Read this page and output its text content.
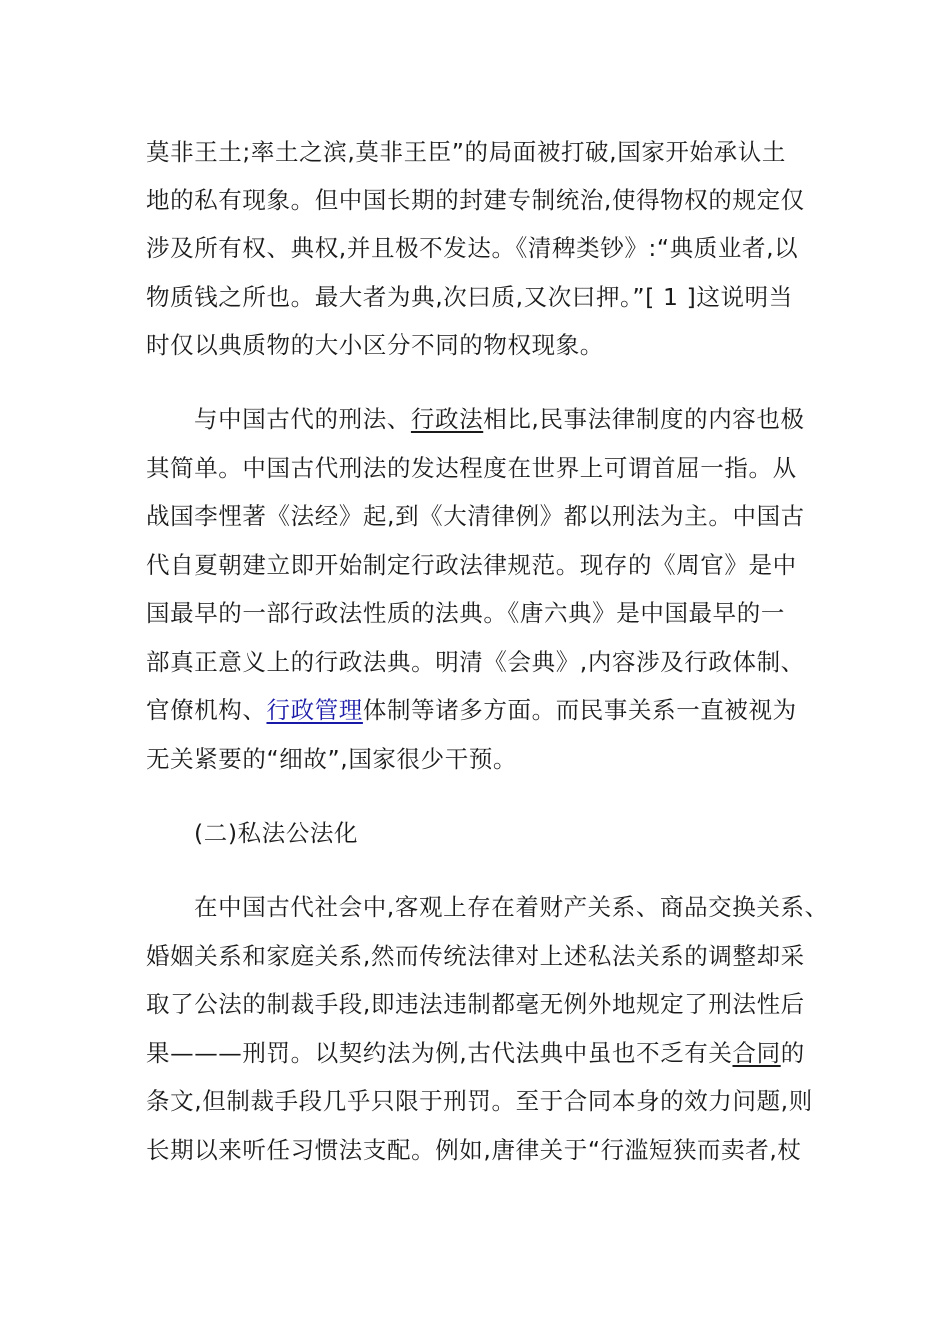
莫非王土;率土之滨,莫非王臣”的局面被打破,国家开始承认土
地的私有现象。但中国长期的封建专制统治,使得物权的规定仅
涉及所有权、典权,并且极不发达。《清稗类钞》:“典质业者,以
物质钱之所也。最大者为典,次曰质,又次曰押。”[ 1 ]这说明当
时仅以典质物的大小区分不同的物权现象。
与中国古代的刑法、行政法相比,民事法律制度的内容也极
其简单。中国古代刑法的发达程度在世界上可谓首屈一指。从
战国李悝著《法经》起,到《大清律例》都以刑法为主。中国古
代自夏朝建立即开始制定行政法律规范。现存的《周官》是中
国最早的一部行政法性质的法典。《唐六典》是中国最早的一
部真正意义上的行政法典。明清《会典》,内容涉及行政体制、
官僚机构、行政管理体制等诸多方面。而民事关系一直被视为
无关紧要的“细故”,国家很少干预。
(二)私法公法化
在中国古代社会中,客观上存在着财产关系、商品交换关系、
婚姻关系和家庭关系,然而传统法律对上述私法关系的调整却采
取了公法的制裁手段,即违法违制都毫无例外地规定了刑法性后
果———刑罚。以契约法为例,古代法典中虽也不乏有关合同的
条文,但制裁手段几乎只限于刑罚。至于合同本身的效力问题,则
长期以来听任习惯法支配。例如,唐律关于“行滥短狭而卖者,杖
